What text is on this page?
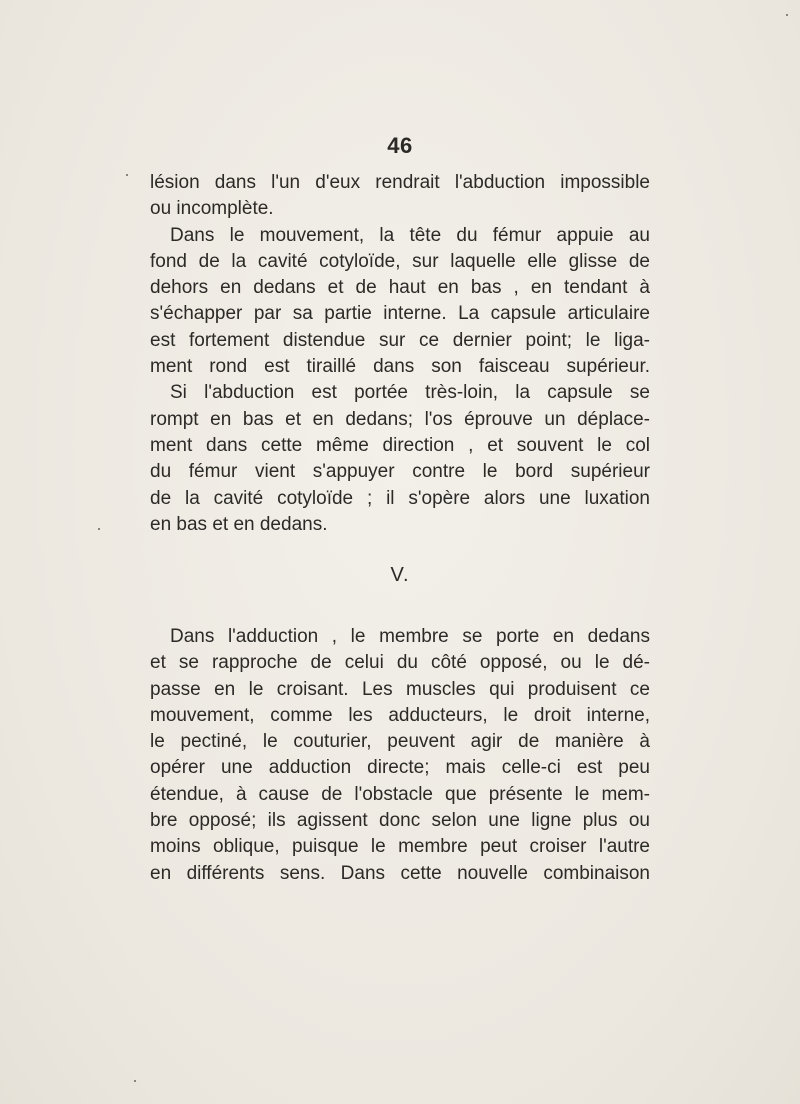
46
lésion dans l'un d'eux rendrait l'abduction impossible
ou incomplète.
Dans le mouvement, la tête du fémur appuie au
fond de la cavité cotyloïde, sur laquelle elle glisse de
dehors en dedans et de haut en bas , en tendant à
s'échapper par sa partie interne. La capsule articulaire
est fortement distendue sur ce dernier point; le liga-
ment rond est tiraillé dans son faisceau supérieur.
Si l'abduction est portée très-loin, la capsule se
rompt en bas et en dedans; l'os éprouve un déplace-
ment dans cette même direction , et souvent le col
du fémur vient s'appuyer contre le bord supérieur
de la cavité cotyloïde ; il s'opère alors une luxation
en bas et en dedans.
V.
Dans l'adduction , le membre se porte en dedans
et se rapproche de celui du côté opposé, ou le dé-
passe en le croisant. Les muscles qui produisent ce
mouvement, comme les adducteurs, le droit interne,
le pectiné, le couturier, peuvent agir de manière à
opérer une adduction directe; mais celle-ci est peu
étendue, à cause de l'obstacle que présente le mem-
bre opposé; ils agissent donc selon une ligne plus ou
moins oblique, puisque le membre peut croiser l'autre
en différents sens. Dans cette nouvelle combinaison
